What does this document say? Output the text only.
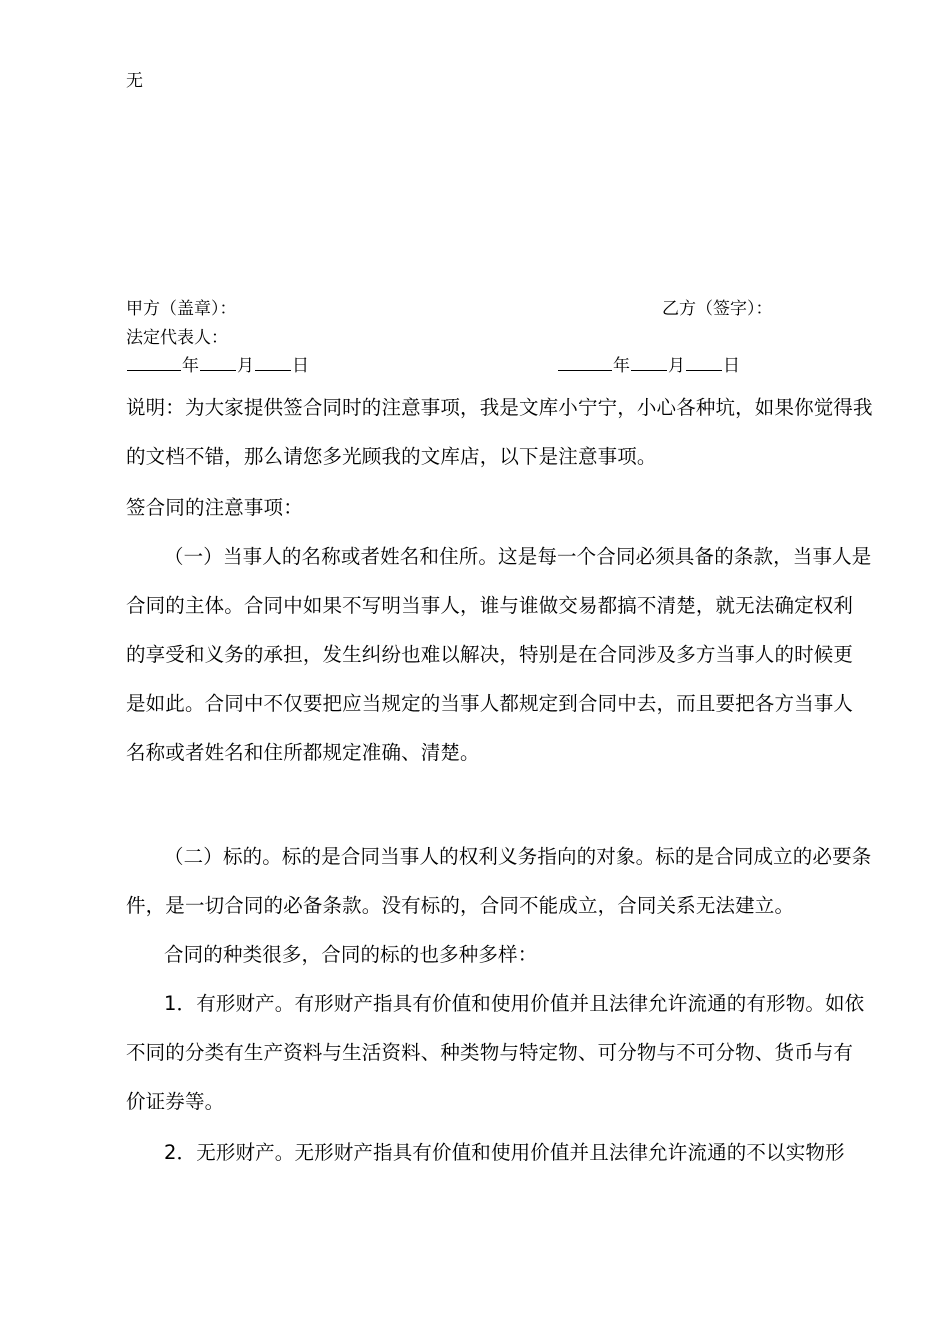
无
甲方（盖章）：	乙方（签字）：
法定代表人：
年 月 日	年 月 日
说明：为大家提供签合同时的注意事项，我是文库小宁宁，小心各种坑，如果你觉得我
的文档不错，那么请您多光顾我的文库店，以下是注意事项。
签合同的注意事项：
（一）当事人的名称或者姓名和住所。这是每一个合同必须具备的条款，当事人是
合同的主体。合同中如果不写明当事人，谁与谁做交易都搞不清楚，就无法确定权利
的享受和义务的承担，发生纠纷也难以解决，特别是在合同涉及多方当事人的时候更
是如此。合同中不仅要把应当规定的当事人都规定到合同中去，而且要把各方当事人
名称或者姓名和住所都规定准确、清楚。
（二）标的。标的是合同当事人的权利义务指向的对象。标的是合同成立的必要条
件，是一切合同的必备条款。没有标的，合同不能成立，合同关系无法建立。
合同的种类很多，合同的标的也多种多样：
1．有形财产。有形财产指具有价值和使用价值并且法律允许流通的有形物。如依
不同的分类有生产资料与生活资料、种类物与特定物、可分物与不可分物、货币与有
价证券等。
2．无形财产。无形财产指具有价值和使用价值并且法律允许流通的不以实物形
